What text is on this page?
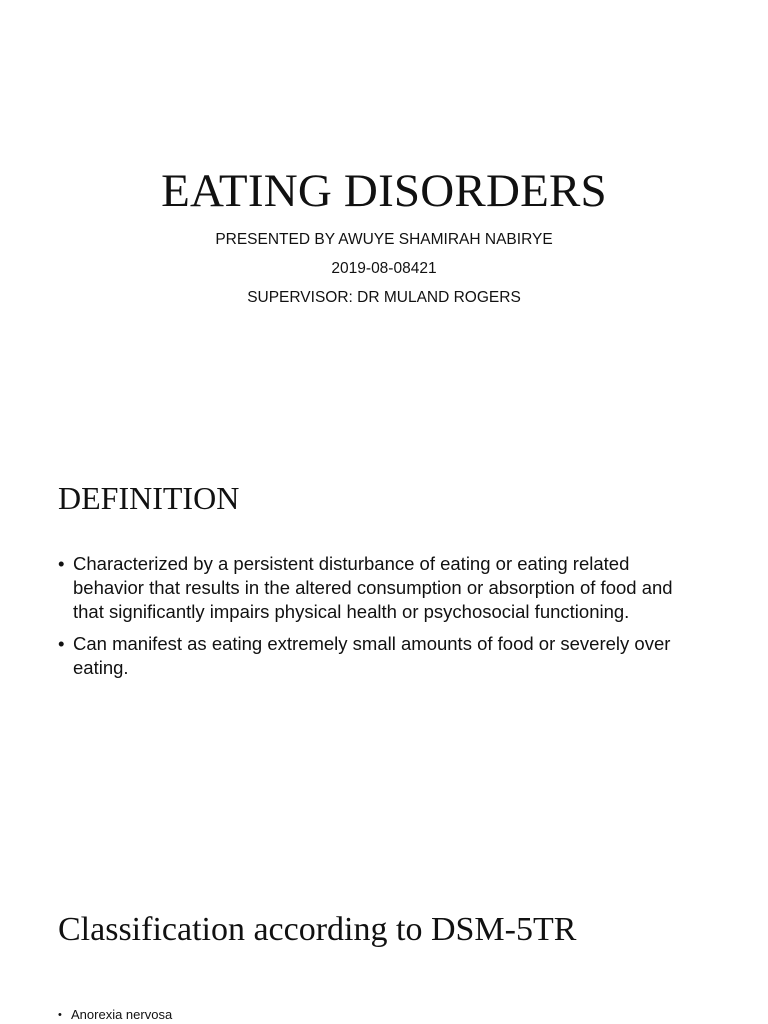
EATING DISORDERS

PRESENTED BY AWUYE SHAMIRAH NABIRYE

2019-08-08421

SUPERVISOR: DR MULAND ROGERS

DEFINITION
• Characterized by a persistent disturbance of eating or eating related behavior that results in the altered consumption or absorption of food and that significantly impairs physical health or psychosocial functioning.
• Can manifest as eating extremely small amounts of food or severely over eating.
Classification according to DSM-5TR
• Anorexia nervosa
